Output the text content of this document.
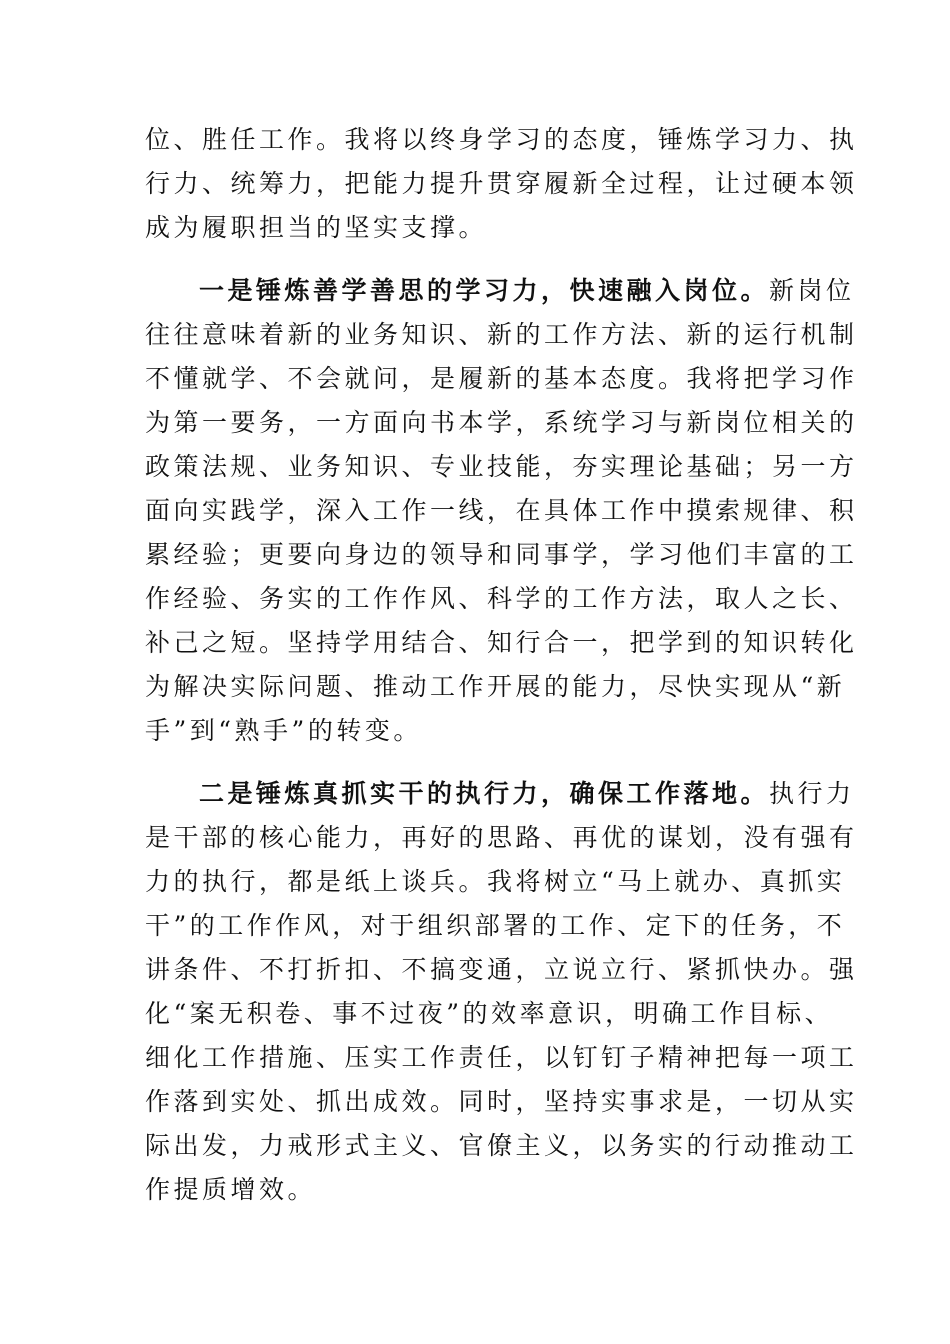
位、胜任工作。我将以终身学习的态度，锤炼学习力、执
行力、统筹力，把能力提升贯穿履新全过程，让过硬本领
成为履职担当的坚实支撑。
一是锤炼善学善思的学习力，快速融入岗位。新岗位
往往意味着新的业务知识、新的工作方法、新的运行机制
不懂就学、不会就问，是履新的基本态度。我将把学习作
为第一要务，一方面向书本学，系统学习与新岗位相关的
政策法规、业务知识、专业技能，夯实理论基础；另一方
面向实践学，深入工作一线，在具体工作中摸索规律、积
累经验；更要向身边的领导和同事学，学习他们丰富的工
作经验、务实的工作作风、科学的工作方法，取人之长、
补己之短。坚持学用结合、知行合一，把学到的知识转化
为解决实际问题、推动工作开展的能力，尽快实现从“新
手”到“熟手”的转变。
二是锤炼真抓实干的执行力，确保工作落地。执行力
是干部的核心能力，再好的思路、再优的谋划，没有强有
力的执行，都是纸上谈兵。我将树立“马上就办、真抓实
干”的工作作风，对于组织部署的工作、定下的任务，不
讲条件、不打折扣、不搞变通，立说立行、紧抓快办。强
化“案无积卷、事不过夜”的效率意识，明确工作目标、
细化工作措施、压实工作责任，以钉钉子精神把每一项工
作落到实处、抓出成效。同时，坚持实事求是，一切从实
际出发，力戒形式主义、官僚主义，以务实的行动推动工
作提质增效。
